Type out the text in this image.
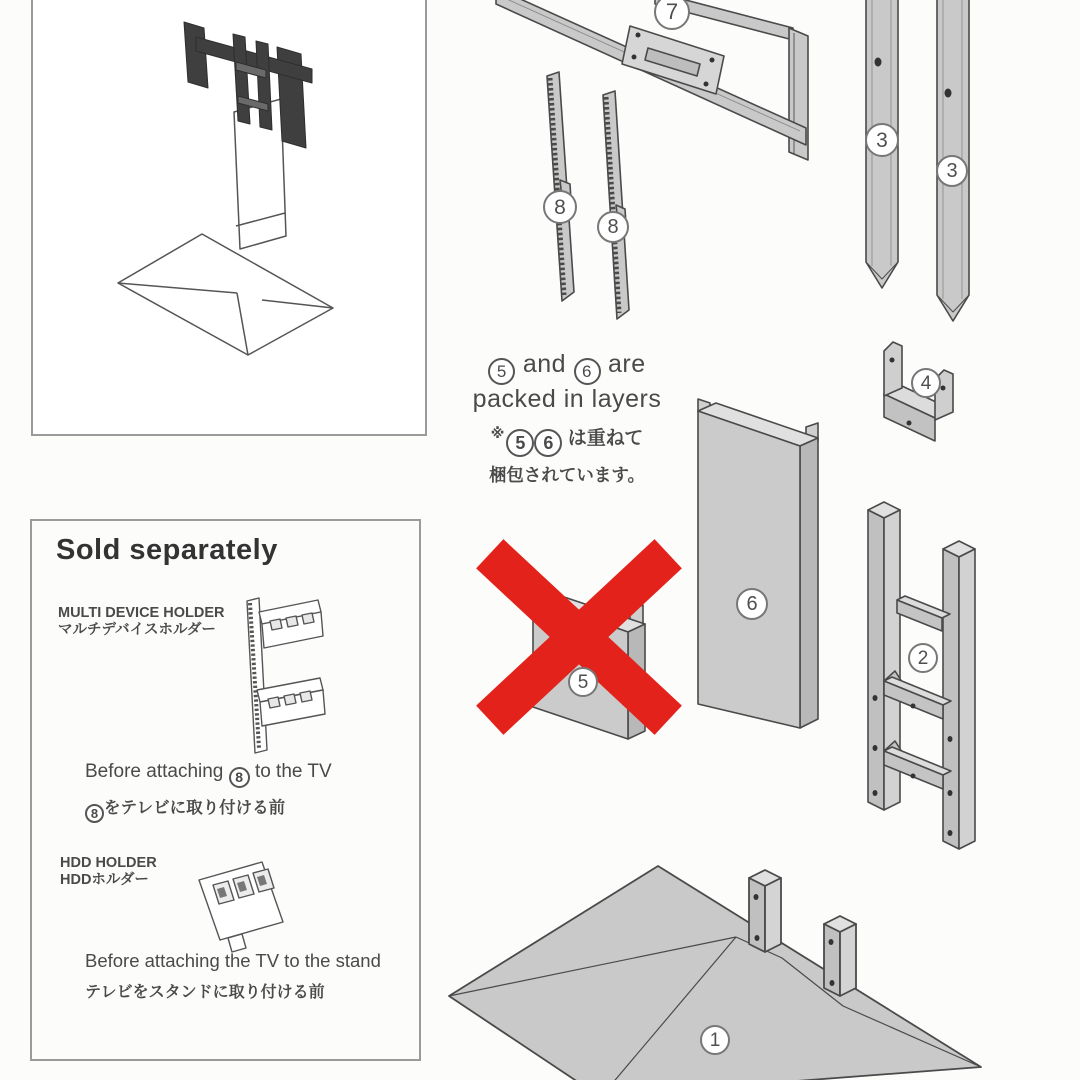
5 and 6 are
packed in layers
※ 5 6 は重ねて
梱包されています。
Sold separately
MULTI DEVICE HOLDER
マルチデバイスホルダー
Before attaching 8 to the TV
8 をテレビに取り付ける前
HDD HOLDER
HDDホルダー
Before attaching the TV to the stand
テレビをスタンドに取り付ける前
7
8
8
3
3
4
6
5
2
1
